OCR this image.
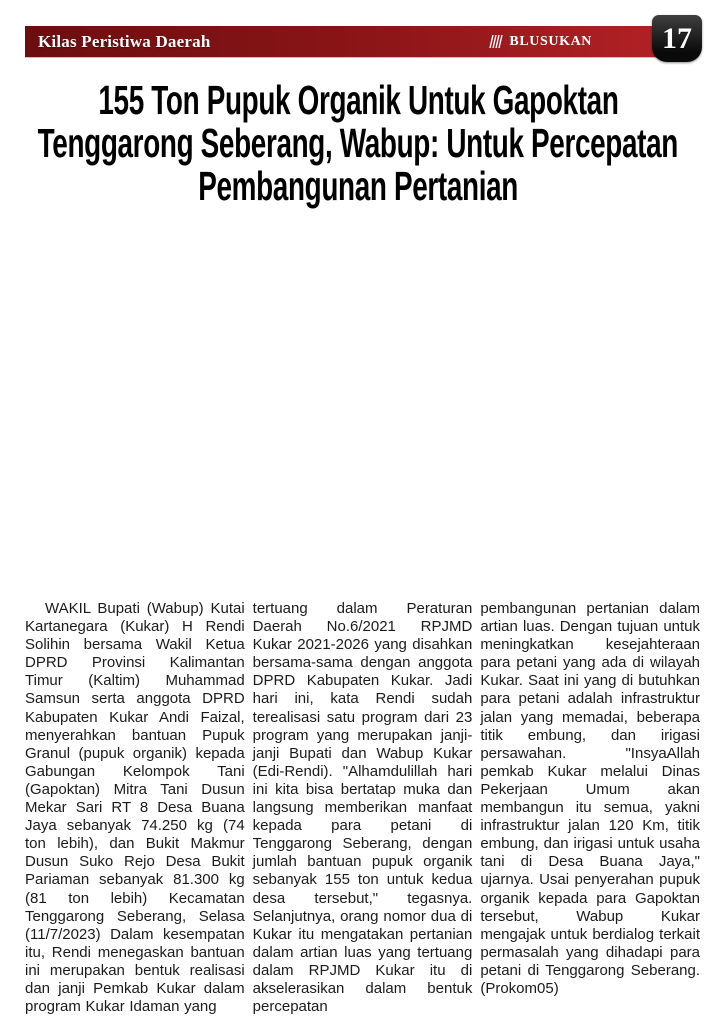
Kilas Peristiwa Daerah	BLUSUKAN 17
155 Ton Pupuk Organik Untuk Gapoktan
Tenggarong Seberang, Wabup: Untuk Percepatan
Pembangunan Pertanian

WAKIL Bupati (Wabup) Kutai Kartanegara (Kukar) H Rendi Solihin bersama Wakil Ketua DPRD Provinsi Kalimantan Timur (Kaltim) Muhammad Samsun serta anggota DPRD Kabupaten Kukar Andi Faizal, menyerahkan bantuan Pupuk Granul (pupuk organik) kepada Gabungan Kelompok Tani (Gapoktan) Mitra Tani Dusun Mekar Sari RT 8 Desa Buana Jaya sebanyak 74.250 kg (74 ton lebih), dan Bukit Makmur Dusun Suko Rejo Desa Bukit Pariaman sebanyak 81.300 kg (81 ton lebih) Kecamatan Tenggarong Seberang, Selasa (11/7/2023) Dalam kesempatan itu, Rendi menegaskan bantuan ini merupakan bentuk realisasi dan janji Pemkab Kukar dalam program Kukar Idaman yang

tertuang dalam Peraturan Daerah No.6/2021 RPJMD Kukar 2021-2026 yang disahkan bersama-sama dengan anggota DPRD Kabupaten Kukar. Jadi hari ini, kata Rendi sudah terealisasi satu program dari 23 program yang merupakan janji-janji Bupati dan Wabup Kukar (Edi-Rendi). "Alhamdulillah hari ini kita bisa bertatap muka dan langsung memberikan manfaat kepada para petani di Tenggarong Seberang, dengan jumlah bantuan pupuk organik sebanyak 155 ton untuk kedua desa tersebut," tegasnya. Selanjutnya, orang nomor dua di Kukar itu mengatakan pertanian dalam artian luas yang tertuang dalam RPJMD Kukar itu di akselerasikan dalam bentuk percepatan

pembangunan pertanian dalam artian luas. Dengan tujuan untuk meningkatkan kesejahteraan para petani yang ada di wilayah Kukar. Saat ini yang di butuhkan para petani adalah infrastruktur jalan yang memadai, beberapa titik embung, dan irigasi persawahan. "InsyaAllah pemkab Kukar melalui Dinas Pekerjaan Umum akan membangun itu semua, yakni infrastruktur jalan 120 Km, titik embung, dan irigasi untuk usaha tani di Desa Buana Jaya," ujarnya. Usai penyerahan pupuk organik kepada para Gapoktan tersebut, Wabup Kukar mengajak untuk berdialog terkait permasalah yang dihadapi para petani di Tenggarong Seberang. (Prokom05)
